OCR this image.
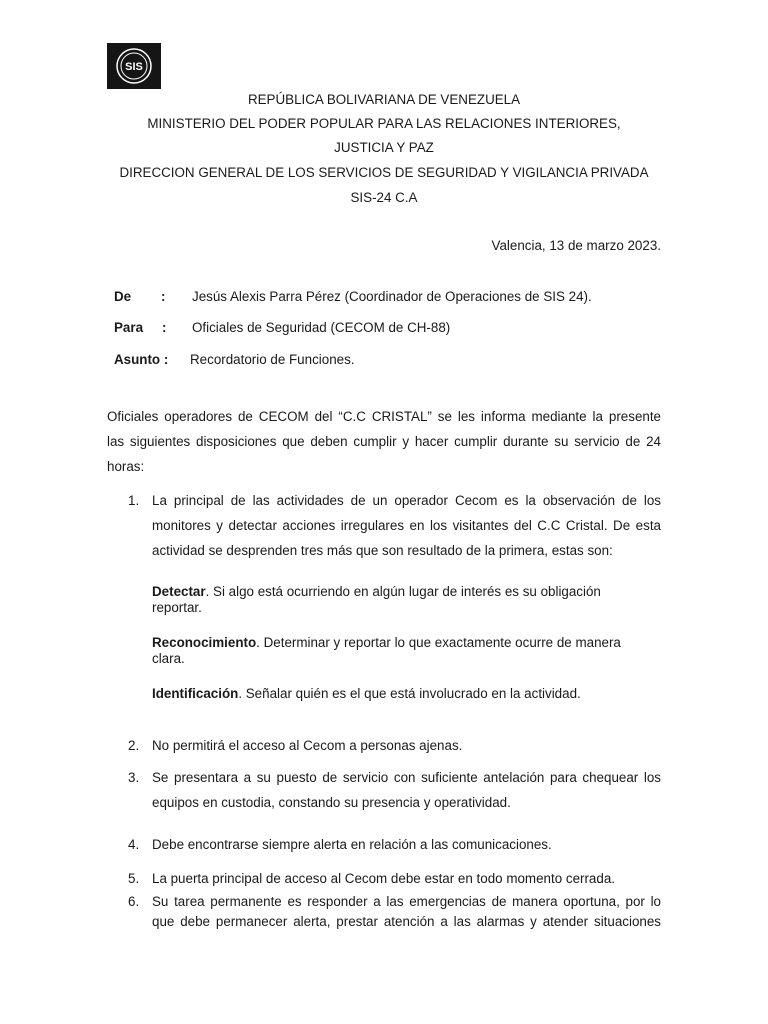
SIS
REPÚBLICA BOLIVARIANA DE VENEZUELA
MINISTERIO DEL PODER POPULAR PARA LAS RELACIONES INTERIORES,
JUSTICIA Y PAZ
DIRECCION GENERAL DE LOS SERVICIOS DE SEGURIDAD Y VIGILANCIA PRIVADA
SIS-24 C.A
Valencia, 13 de marzo 2023.
De : Jesús Alexis Parra Pérez (Coordinador de Operaciones de SIS 24).
Para : Oficiales de Seguridad (CECOM de CH-88)
Asunto : Recordatorio de Funciones.
Oficiales operadores de CECOM del “C.C CRISTAL” se les informa mediante la presente
las siguientes disposiciones que deben cumplir y hacer cumplir durante su servicio de 24
horas:
1. La principal de las actividades de un operador Cecom es la observación de los
monitores y detectar acciones irregulares en los visitantes del C.C Cristal. De esta
actividad se desprenden tres más que son resultado de la primera, estas son:
Detectar. Si algo está ocurriendo en algún lugar de interés es su obligación
reportar.
Reconocimiento. Determinar y reportar lo que exactamente ocurre de manera
clara.
Identificación. Señalar quién es el que está involucrado en la actividad.
2. No permitirá el acceso al Cecom a personas ajenas.
3. Se presentara a su puesto de servicio con suficiente antelación para chequear los
equipos en custodia, constando su presencia y operatividad.
4. Debe encontrarse siempre alerta en relación a las comunicaciones.
5. La puerta principal de acceso al Cecom debe estar en todo momento cerrada.
6. Su tarea permanente es responder a las emergencias de manera oportuna, por lo
que debe permanecer alerta, prestar atención a las alarmas y atender situaciones
